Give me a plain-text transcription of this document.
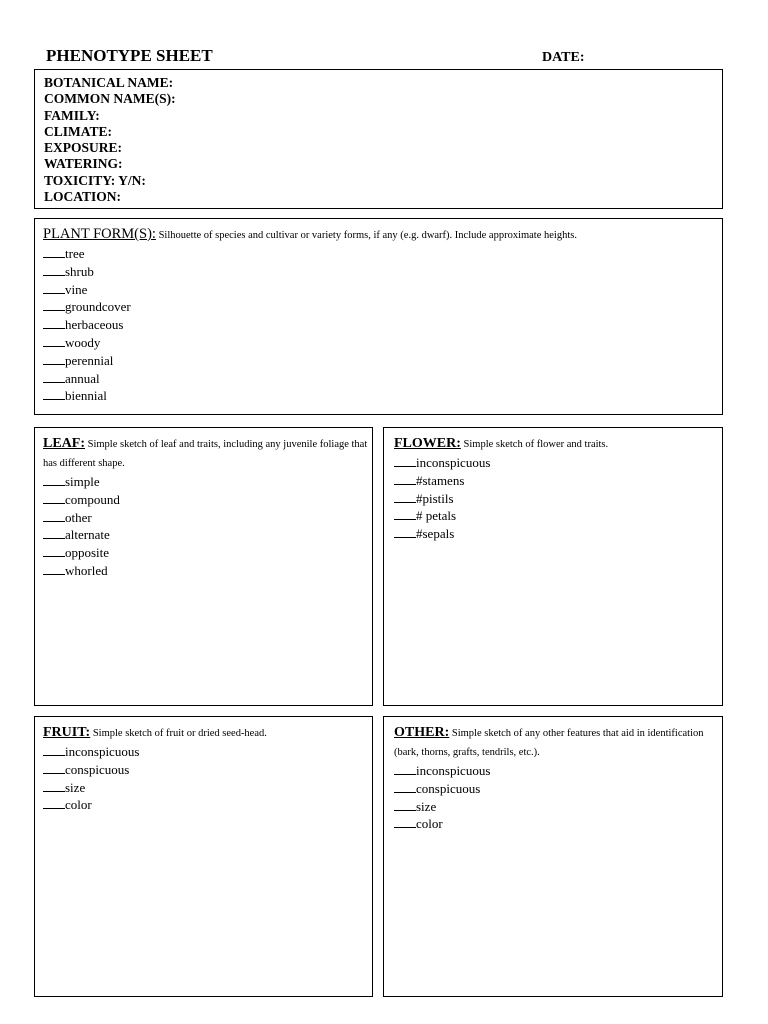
PHENOTYPE SHEET	DATE:
BOTANICAL NAME:
COMMON NAME(S):
FAMILY:
CLIMATE:
EXPOSURE:
WATERING:
TOXICITY: Y/N:
LOCATION:
PLANT FORM(S): Silhouette of species and cultivar or variety forms, if any (e.g. dwarf). Include approximate heights.
tree
shrub
vine
groundcover
herbaceous
woody
perennial
annual
biennial
LEAF: Simple sketch of leaf and traits, including any juvenile foliage that has different shape.
simple
compound
other
alternate
opposite
whorled
FLOWER: Simple sketch of flower and traits.
inconspicuous
#stamens
#pistils
# petals
#sepals
FRUIT: Simple sketch of fruit or dried seed-head.
inconspicuous
conspicuous
size
color
OTHER: Simple sketch of any other features that aid in identification (bark, thorns, grafts, tendrils, etc.).
inconspicuous
conspicuous
size
color
